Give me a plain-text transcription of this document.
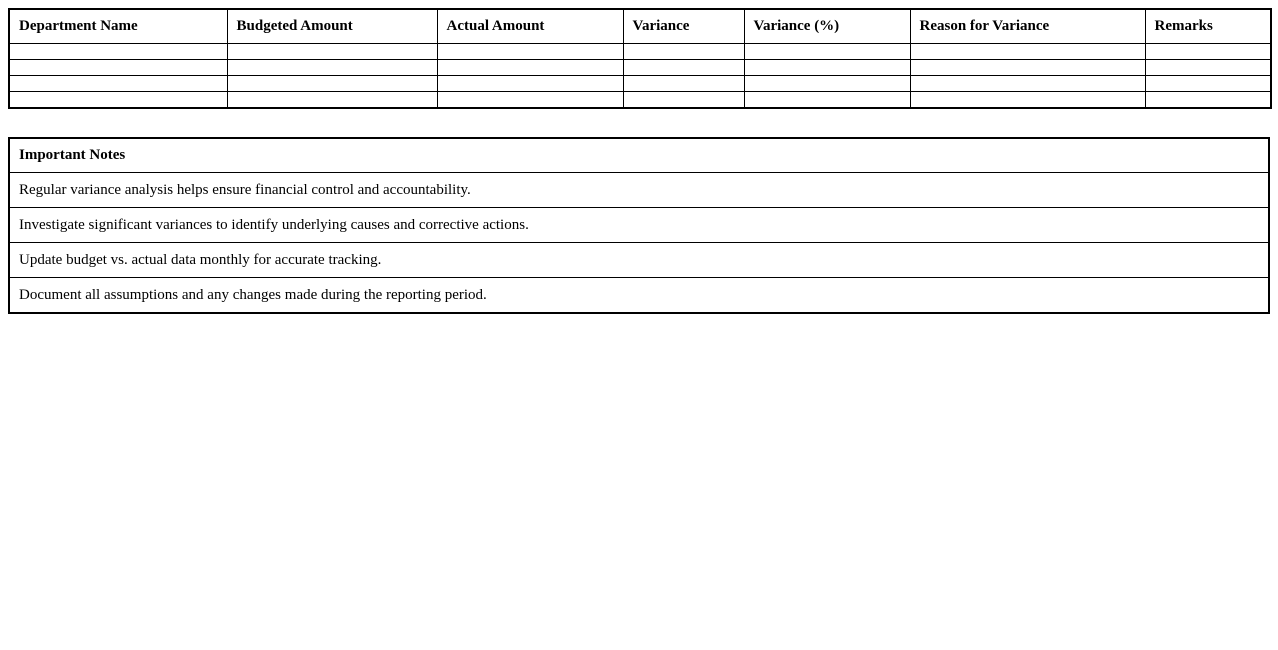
Department Name	Budgeted Amount	Actual Amount	Variance	Variance (%)	Reason for Variance	Remarks

Important Notes
Regular variance analysis helps ensure financial control and accountability.
Investigate significant variances to identify underlying causes and corrective actions.
Update budget vs. actual data monthly for accurate tracking.
Document all assumptions and any changes made during the reporting period.
